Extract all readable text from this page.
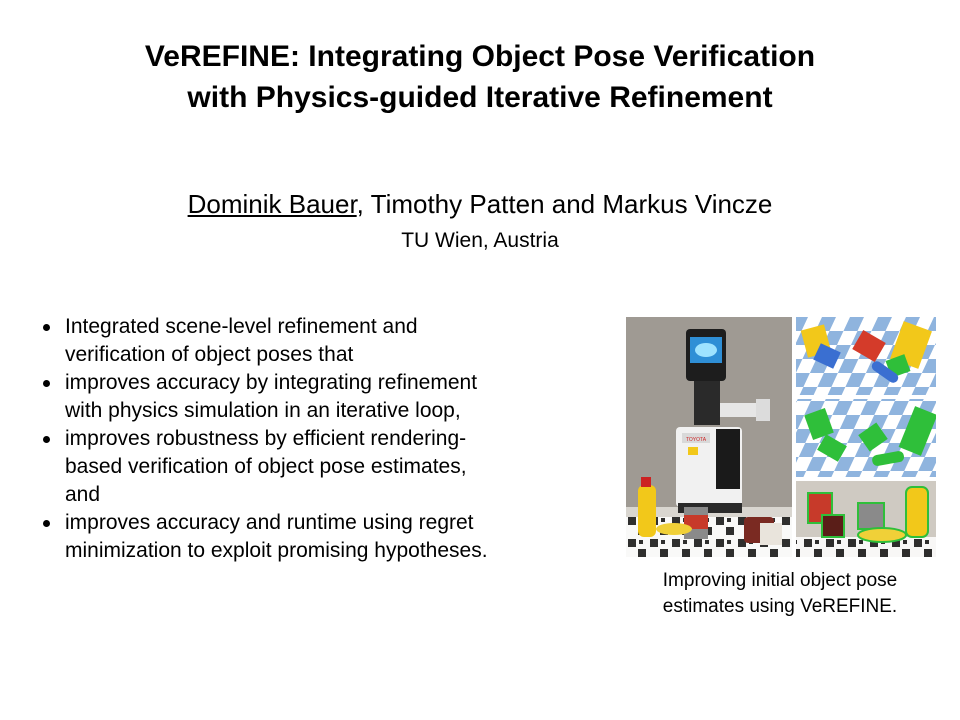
VeREFINE: Integrating Object Pose Verification
with Physics-guided Iterative Refinement
Dominik Bauer, Timothy Patten and Markus Vincze
TU Wien, Austria
Integrated scene-level refinement and
verification of object poses that
improves accuracy by integrating refinement
with physics simulation in an iterative loop,
improves robustness by efficient rendering-
based verification of object pose estimates,
and
improves accuracy and runtime using regret
minimization to exploit promising hypotheses.
TOYOTA
Improving initial object pose
estimates using VeREFINE.
